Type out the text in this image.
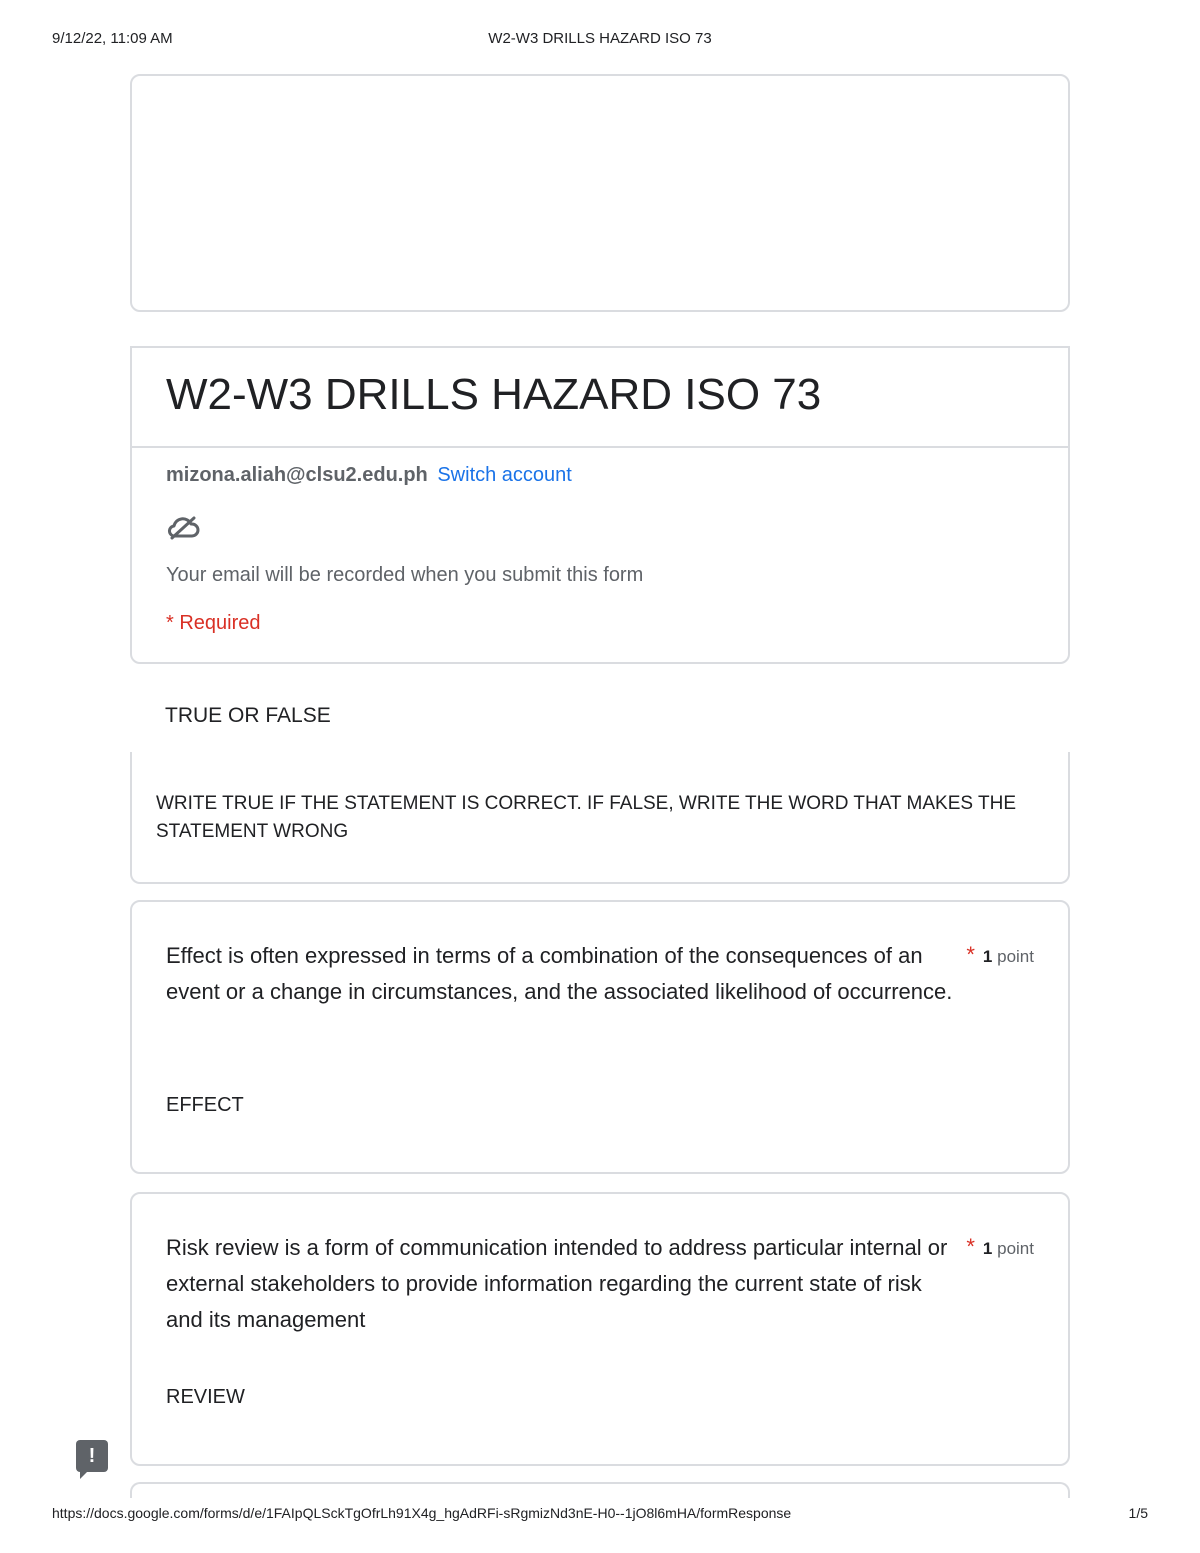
9/12/22, 11:09 AM	W2-W3 DRILLS HAZARD ISO 73
W2-W3 DRILLS HAZARD ISO 73
mizona.aliah@clsu2.edu.ph Switch account
Your email will be recorded when you submit this form
* Required
TRUE OR FALSE
WRITE TRUE IF THE STATEMENT IS CORRECT. IF FALSE, WRITE THE WORD THAT MAKES THE STATEMENT WRONG
Effect is often expressed in terms of a combination of the consequences of an event or a change in circumstances, and the associated likelihood of occurrence.
* 1 point
EFFECT
Risk review is a form of communication intended to address particular internal or external stakeholders to provide information regarding the current state of risk and its management
* 1 point
REVIEW
!
https://docs.google.com/forms/d/e/1FAIpQLSckTgOfrLh91X4g_hgAdRFi-sRgmizNd3nE-H0--1jO8l6mHA/formResponse	1/5
